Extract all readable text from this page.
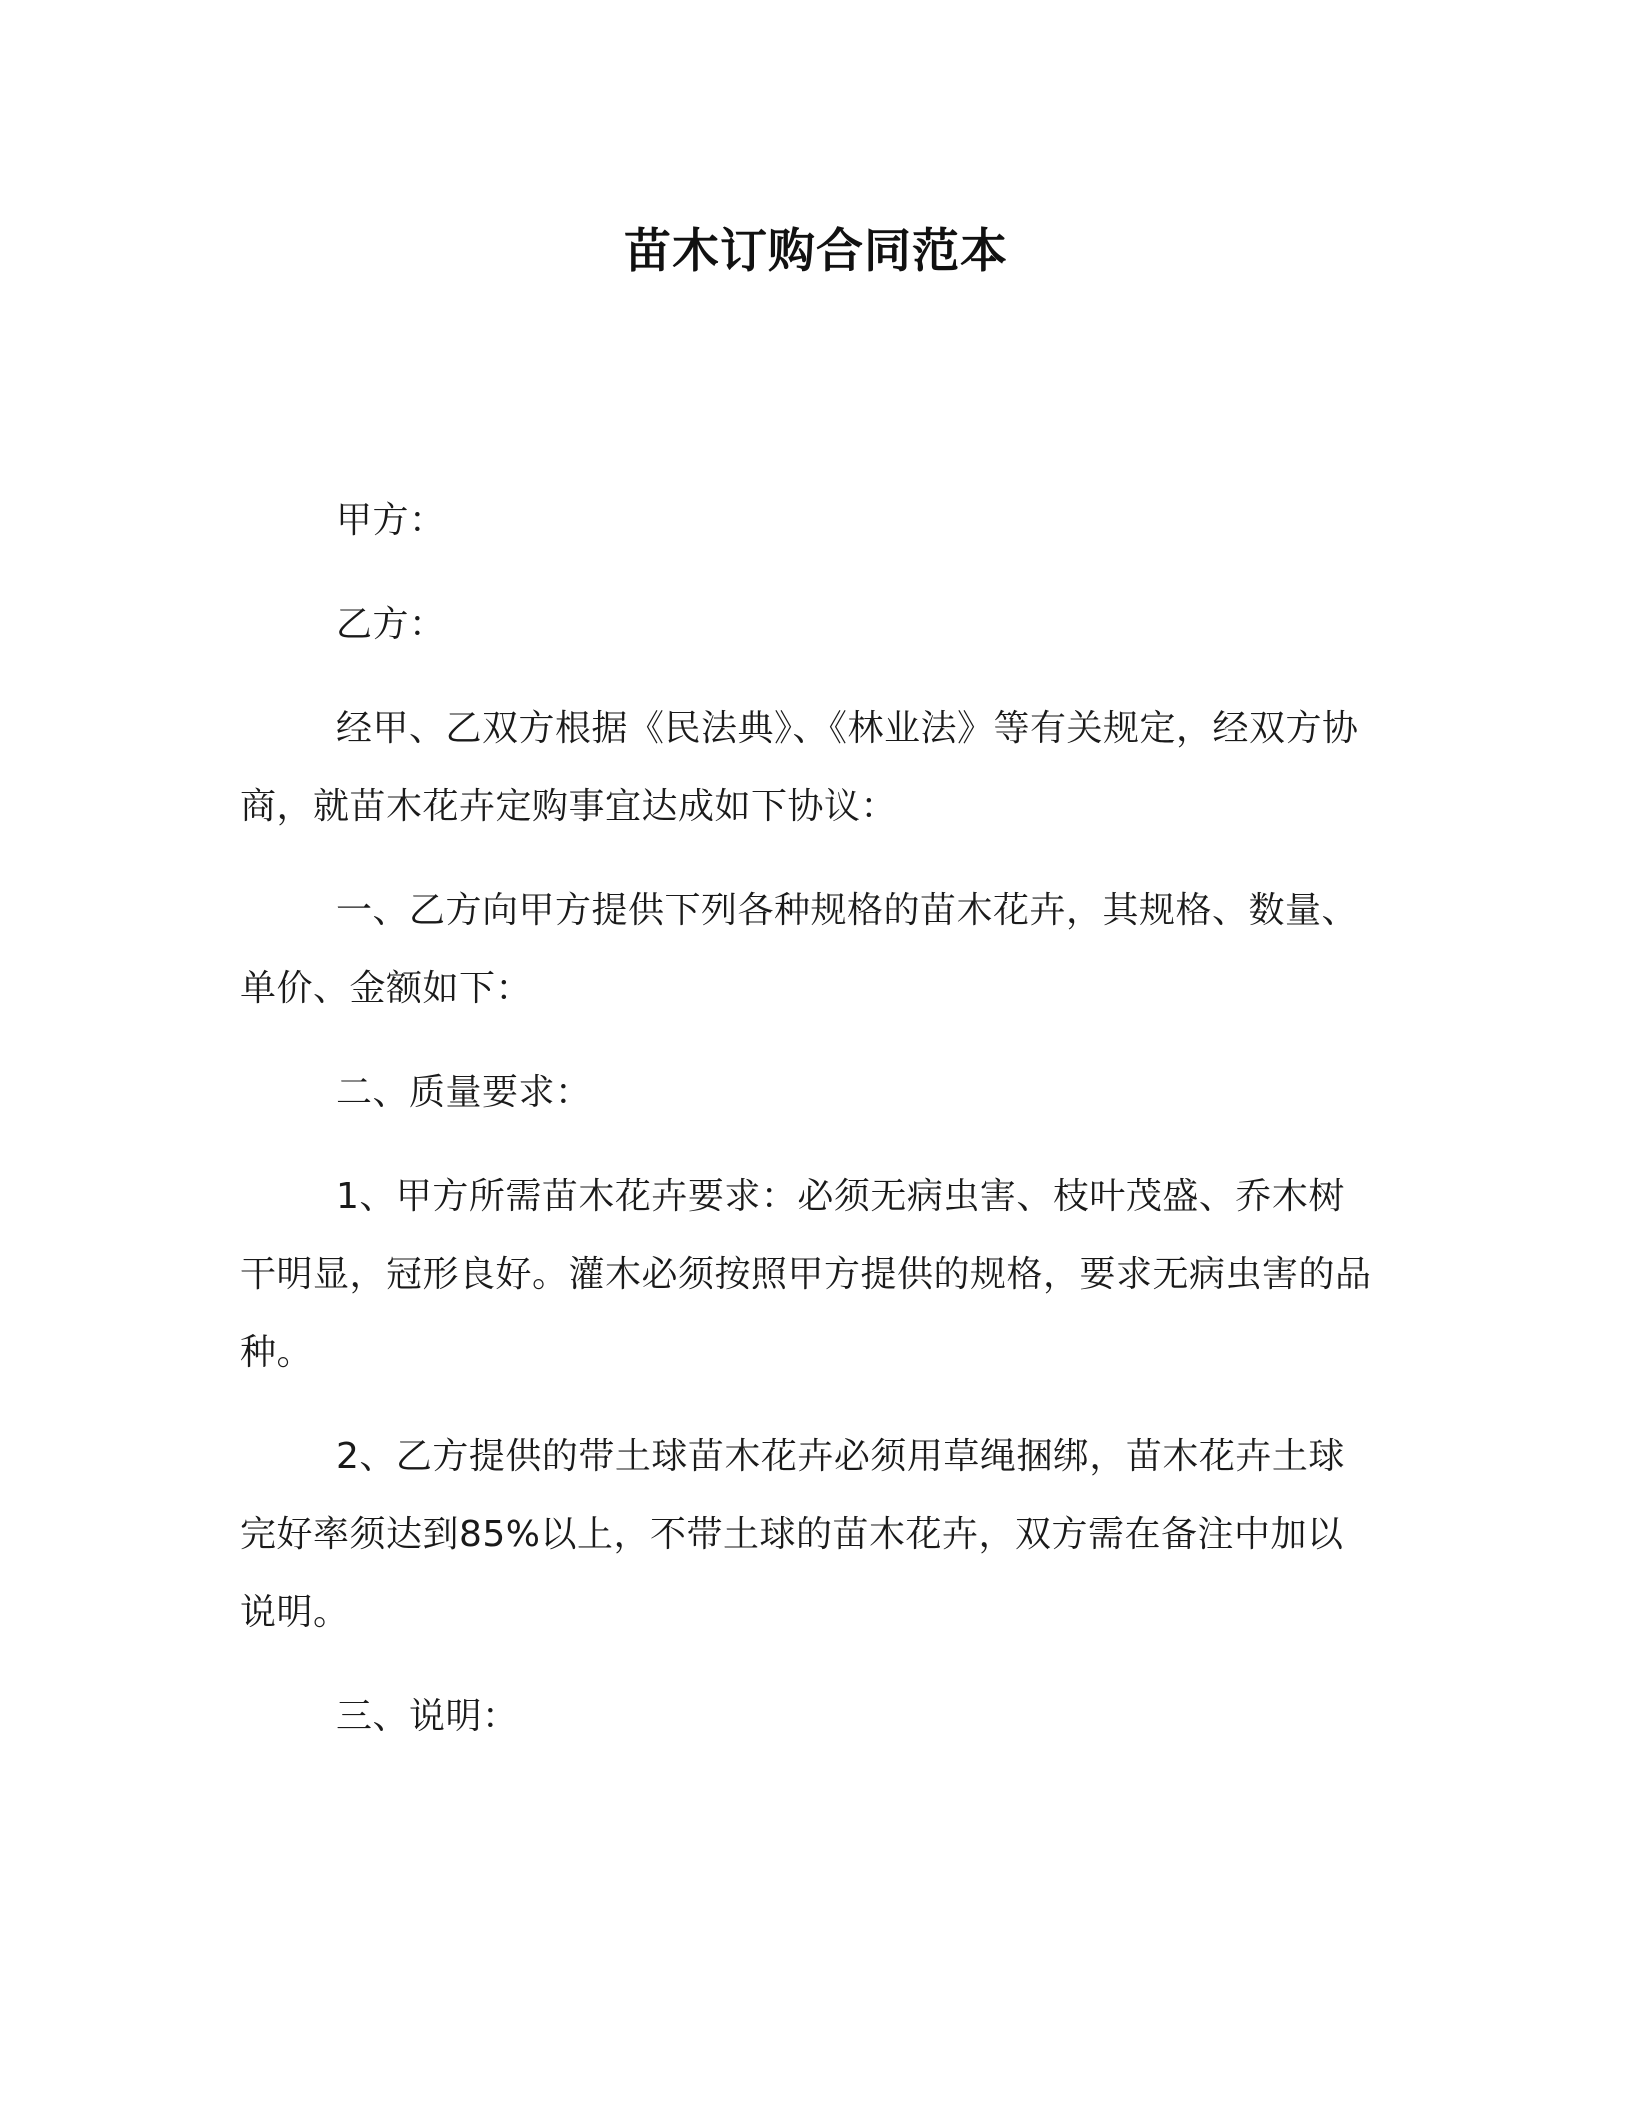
苗木订购合同范本
甲方：
乙方：
经甲、乙双方根据《民法典》、《林业法》等有关规定，经双方协商，就苗木花卉定购事宜达成如下协议：
一、乙方向甲方提供下列各种规格的苗木花卉，其规格、数量、单价、金额如下：
二、质量要求：
1、甲方所需苗木花卉要求：必须无病虫害、枝叶茂盛、乔木树干明显，冠形良好。灌木必须按照甲方提供的规格，要求无病虫害的品种。
2、乙方提供的带土球苗木花卉必须用草绳捆绑，苗木花卉土球完好率须达到85%以上，不带土球的苗木花卉，双方需在备注中加以说明。
三、说明：
